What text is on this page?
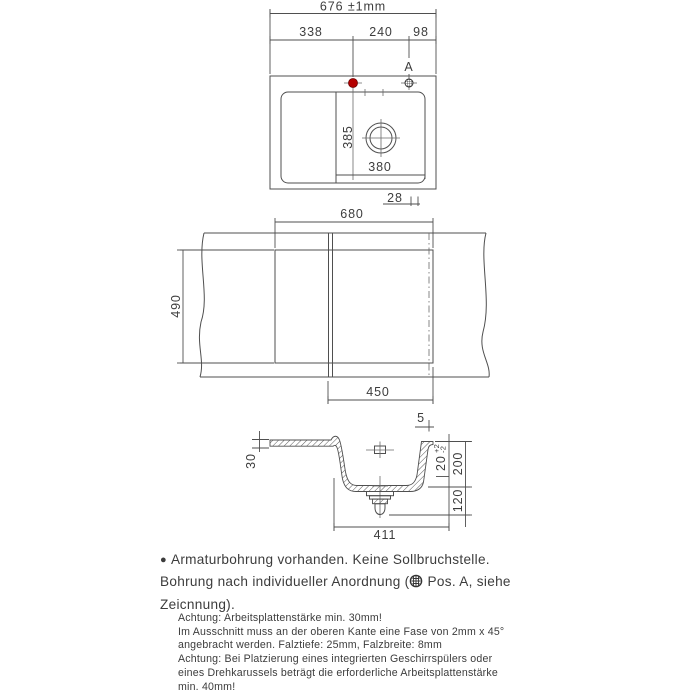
676 ±1mm
338	240 98
A
385
380
28
680
490
450
5
30	200
120
20
-2
+2
411
● Armaturbohrung vorhanden. Keine Sollbruchstelle.
Bohrung nach individueller Anordnung ( Pos. A, siehe
Zeicnnung).
Achtung: Arbeitsplattenstärke min. 30mm!
Im Ausschnitt muss an der oberen Kante eine Fase von 2mm x 45°
angebracht werden. Falztiefe: 25mm, Falzbreite: 8mm
Achtung: Bei Platzierung eines integrierten Geschirrspülers oder
eines Drehkarussels beträgt die erforderliche Arbeitsplattenstärke
min. 40mm!
